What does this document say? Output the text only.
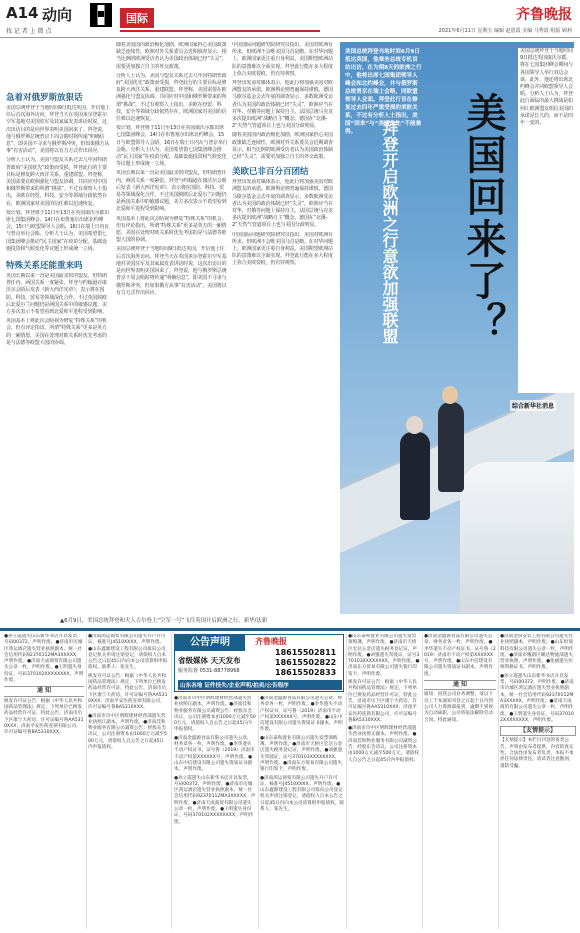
A14 动向
找 记 者 上 微 点
国际	齐鲁晚报
2021年6月11日 星期五 编辑 赵恩霞 美编 马秀霞 组版 顾莉
美国回来了？
拜登开启欧洲之行意欲加强联盟
美国总统拜登当地时间6月9日抵达英国，他乘坐总统专机首站出访，在为期8天的欧洲之行中，他将出席七国集团领导人峰会和北约峰会，并与俄罗斯总统普京在瑞士会晤，同欧盟领导人会面。拜登此行旨在修复过去四年严重受损的美欧关系，不过有分析人士指出，美国“回来”与“美国优先”不能兼得。
综合新华社消息
美国总统拜登于当地时间9日抵达英国康沃尔郡，将在七国集团峰会期间与各国领导人举行双边会谈。此外，他还将出席北约峰会并同欧盟领导人会晤。分析人士认为，拜登此行面临的最大挑战是如何让欧洲盟友相信美国的承诺是长久的，而不是四年一变的。
急着对俄罗斯放狠话
美国总统拜登于当地时间9日抵达英国，开启他上任后首次海外访问。拜登当天在英国米尔登霍尔空军基地对美国驻军及其家属发表讲话时说，这次出访目的是向世界表明美国回来了。拜登说，他与俄罗斯总统普京下周会晤时将传递“明确信息”，即美国不寻求与俄罗斯冲突，但如果俄方从事“有害活动”，美国将以有力方式作出回应。
分析人士认为，美国与盟友关系过去几年因特朗普政府“美国优先”政策而受损，拜登此行的主要目标是修复跨大西洋关系，重建联盟。拜登称，美国需要在欧洲强化与盟友协调，共同应对中国和俄罗斯带来的所谓“挑战”。不过有观察人士指出，美欧在经贸、科技、安全等领域分歧依然存在，欧洲国家对美国的信任难以迅速恢复。
按计划，拜登将于11日至13日在英国康沃尔郡出席七国集团峰会，14日在布鲁塞尔出席北约峰会，15日与欧盟领导人会晤，16日在瑞士日内瓦与普京举行会晤。分析人士认为，美国希望借七国集团峰会推动“民主国家”在疫苗分配、基础设施投资和气候变化等议题上形成统一立场。
特殊关系还能重来吗
英国长期以来一直是美国最亲密的盟友，但特朗普任内，两国关系一度紧张。拜登与约翰逊在康沃尔会晤后发表《新大西洋宪章》，表示将在国防、科技、贸易等领域深化合作。不过英国脱欧后北爱尔兰问题仍是两国关系中的敏感议题，美方多次表示不希望看到北爱和平进程受到影响。
英国基本上将此次会晤视为修复“特殊关系”的机会。但有评论指出，所谓“特殊关系”更多是英方的一厢情愿，美国在处理对欧关系时优先考虑的是与法德等欧盟大国的协调。
随着美国国内政治极化加剧，欧洲国家担心美国政策缺乏连续性。欧洲对外关系委员会近期调查显示，相当比例的欧洲受访者认为美国政治体制已经“失灵”，需要更加独立自主的外交政策。
分析人士认为，美国与盟友关系过去几年因特朗普政府“美国优先”政策而受损，拜登此行的主要目标是修复跨大西洋关系，重建联盟。拜登称，美国需要在欧洲强化与盟友协调，共同应对中国和俄罗斯带来的所谓“挑战”。不过有观察人士指出，美欧在经贸、科技、安全等领域分歧依然存在，欧洲国家对美国的信任难以迅速恢复。
按计划，拜登将于11日至13日在英国康沃尔郡出席七国集团峰会，14日在布鲁塞尔出席北约峰会，15日与欧盟领导人会晤，16日在瑞士日内瓦与普京举行会晤。分析人士认为，美国希望借七国集团峰会推动“民主国家”在疫苗分配、基础设施投资和气候变化等议题上形成统一立场。
英国长期以来一直是美国最亲密的盟友，但特朗普任内，两国关系一度紧张。拜登与约翰逊在康沃尔会晤后发表《新大西洋宪章》，表示将在国防、科技、贸易等领域深化合作。不过英国脱欧后北爱尔兰问题仍是两国关系中的敏感议题，美方多次表示不希望看到北爱和平进程受到影响。
英国基本上将此次会晤视为修复“特殊关系”的机会。但有评论指出，所谓“特殊关系”更多是英方的一厢情愿，美国在处理对欧关系时优先考虑的是与法德等欧盟大国的协调。
美国总统拜登于当地时间9日抵达英国，开启他上任后首次海外访问。拜登当天在英国米尔登霍尔空军基地对美国驻军及其家属发表讲话时说，这次出访目的是向世界表明美国回来了。拜登说，他与俄罗斯总统普京下周会晤时将传递“明确信息”，即美国不寻求与俄罗斯冲突，但如果俄方从事“有害活动”，美国将以有力方式作出回应。
中国国际问题研究院研究员指出，美国对欧洲有所求，但欧洲不会唯美国马首是瞻。在对华问题上，欧洲国家更注重自身利益，美国期望欧洲站队的意图难以全面实现。拜登此行能在多大程度上弥合美欧裂痕，仍有待观察。
拜登出发前对媒体表示，他此行将加强美国对欧洲盟友的承诺。欧洲舆论则普遍保持谨慎。德国马歇尔基金会去年底的调查显示，多数欧洲受访者认为美国的政治体制已经“失灵”，欧洲应当在对华、对俄等问题上保持自主。法国总统马克龙多次提出欧洲“战略自主”概念，德国在“北溪-2”天然气管道项目上也与美国分歧明显。
随着美国国内政治极化加剧，欧洲国家担心美国政策缺乏连续性。欧洲对外关系委员会近期调查显示，相当比例的欧洲受访者认为美国政治体制已经“失灵”，需要更加独立自主的外交政策。
美欧已非百分百团结
拜登出发前对媒体表示，他此行将加强美国对欧洲盟友的承诺。欧洲舆论则普遍保持谨慎。德国马歇尔基金会去年底的调查显示，多数欧洲受访者认为美国的政治体制已经“失灵”，欧洲应当在对华、对俄等问题上保持自主。法国总统马克龙多次提出欧洲“战略自主”概念，德国在“北溪-2”天然气管道项目上也与美国分歧明显。
中国国际问题研究院研究员指出，美国对欧洲有所求，但欧洲不会唯美国马首是瞻。在对华问题上，欧洲国家更注重自身利益，美国期望欧洲站队的意图难以全面实现。拜登此行能在多大程度上弥合美欧裂痕，仍有待观察。
▲6月9日，美国总统拜登和夫人吉尔登上“空军一号”飞往英国开启欧洲之行。新华/法新
●孙立霞遗失山东新华书店开具发票，号码00372，声明作废。●济南市历城区鸿运酒店遗失营业执照副本，统一社会信用代码92370112MA3XXXXX，声明作废。●济南天成商贸有限公司遗失公章一枚，声明作废。●王明遗失身份证，号码370102XXXXXXXX，声明作废。
通 知
换发许可证公告：根据《中华人民共和国药品管理法》规定，下列单位已换发药品经营许可证，特此公告。济南市历下区康宁大药房，许可证编号鲁AA5310XXX；济南平安医药连锁有限公司，许可证编号鲁BA5310XXX。
●济南鸿运商贸有限公司遗失开户许可证，核准号J4510XXXX，声明作废。●山东鑫源建设工程有限公司拟向公司登记机关申请注销登记，请债权人自本公告之日起45日内向本公司清算组申报债权。联系人：张先生。
换发许可证公告：根据《中华人民共和国药品管理法》规定，下列单位已换发药品经营许可证，特此公告。济南市历下区康宁大药房，许可证编号鲁AA5310XXX；济南平安医药连锁有限公司，许可证编号鲁BA5310XXX。
●济南市市中区明辉建材经营部遗失营业执照正副本，声明作废。●济南佳和物业服务有限公司减资公告：经股东会决议，公司注册资本由1000万元减至500万元，请债权人自公告之日起45日内申报债权。
公告声明
省级媒体 天天发布
服务监督 0531-88778968
齐鲁晚报
18615502811
18615502822
18615502833
山东各地 证件挂失/企业声明/拍卖/公告程序
●济南市市中区明辉建材经营部遗失营业执照正副本，声明作废。●济南佳和物业服务有限公司减资公告：经股东会决议，公司注册资本由1000万元减至500万元，请债权人自公告之日起45日内申报债权。
●济南金盛源食品有限公司遗失公章、财务章各一枚，声明作废。●李华遗失不动产权证书，证号鲁（2019）济南市不动产权第XXXXXX号，声明作废。●山东中信建设有限公司遗失资质证书副本，声明作废。
●孙立霞遗失山东新华书店开具发票，号码00372，声明作废。●济南市历城区鸿运酒店遗失营业执照副本，统一社会信用代码92370112MA3XXXXX，声明作废。●济南天成商贸有限公司遗失公章一枚，声明作废。●王明遗失身份证，号码370102XXXXXXXX，声明作废。
●济南金盛源食品有限公司遗失公章、财务章各一枚，声明作废。●李华遗失不动产权证书，证号鲁（2019）济南市不动产权第XXXXXX号，声明作废。●山东中信建设有限公司遗失资质证书副本，声明作废。
●山东泰和置业有限公司遗失发票领购簿，声明作废。●济南市天桥区宏达五金店遗失税务登记证，声明作废。●刘强遗失驾驶证，证号370103XXXXXXXX，声明作废。●济南东方贸易有限公司遗失银行印鉴卡，声明作废。
●济南鸿运商贸有限公司遗失开户许可证，核准号J4510XXXX，声明作废。●山东鑫源建设工程有限公司拟向公司登记机关申请注销登记，请债权人自本公告之日起45日内向本公司清算组申报债权。联系人：张先生。
●山东泰和置业有限公司遗失发票领购簿，声明作废。●济南市天桥区宏达五金店遗失税务登记证，声明作废。●刘强遗失驾驶证，证号370103XXXXXXXX，声明作废。●济南东方贸易有限公司遗失银行印鉴卡，声明作废。
换发许可证公告：根据《中华人民共和国药品管理法》规定，下列单位已换发药品经营许可证，特此公告。济南市历下区康宁大药房，许可证编号鲁AA5310XXX；济南平安医药连锁有限公司，许可证编号鲁BA5310XXX。
●济南市市中区明辉建材经营部遗失营业执照正副本，声明作废。●济南佳和物业服务有限公司减资公告：经股东会决议，公司注册资本由1000万元减至500万元，请债权人自公告之日起45日内申报债权。
●济南金盛源食品有限公司遗失公章、财务章各一枚，声明作废。●李华遗失不动产权证书，证号鲁（2019）济南市不动产权第XXXXXX号，声明作废。●山东中信建设有限公司遗失资质证书副本，声明作废。
通 知
通知：因我公司业务调整，请以下员工于本通知刊登之日起十日内到公司人力资源部报到，逾期不到视为自动离职，公司将依法解除劳动合同。特此通知。
●济南金泉安装工程有限公司遗失营业执照副本，声明作废。●山东恒瑞科技有限公司遗失公章一枚，声明作废。●济南市槐荫区顺达物流部遗失营业执照，声明作废。●张丽遗失医师资格证书，声明作废。
●孙立霞遗失山东新华书店开具发票，号码00372，声明作废。●济南市历城区鸿运酒店遗失营业执照副本，统一社会信用代码92370112MA3XXXXX，声明作废。●济南天成商贸有限公司遗失公章一枚，声明作废。●王明遗失身份证，号码370102XXXXXXXX，声明作废。
【友情提示】
【友情提示】本栏目刊登的各类公告、声明由发布者提供，内容的真实性、合法性由发布者负责，本报不承担任何法律责任。请读者注意甄别，谨防受骗。
